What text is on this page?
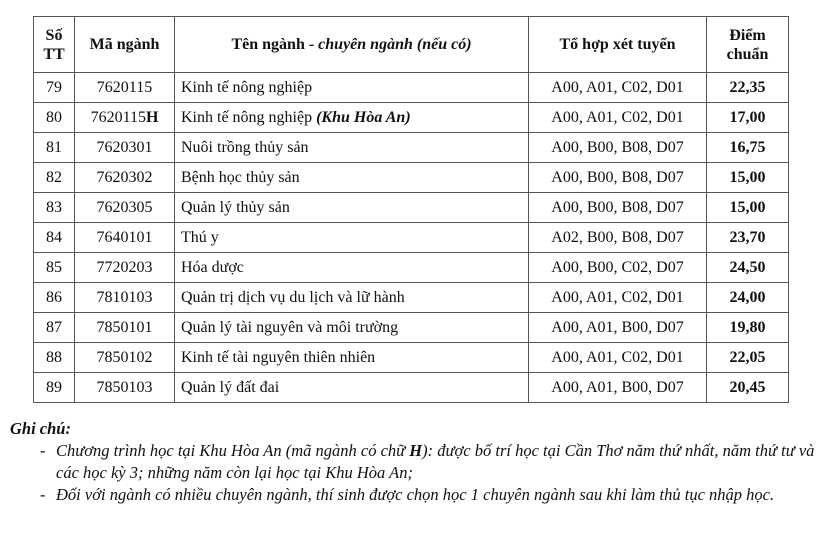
Số
TT	Mã ngành	Tên ngành - chuyên ngành (nếu có)	Tổ hợp xét tuyển	Điểm
chuẩn
79	7620115	Kinh tế nông nghiệp	A00, A01, C02, D01	22,35
80	7620115H	Kinh tế nông nghiệp (Khu Hòa An)	A00, A01, C02, D01	17,00
81	7620301	Nuôi trồng thủy sản	A00, B00, B08, D07	16,75
82	7620302	Bệnh học thủy sản	A00, B00, B08, D07	15,00
83	7620305	Quản lý thủy sản	A00, B00, B08, D07	15,00
84	7640101	Thú y	A02, B00, B08, D07	23,70
85	7720203	Hóa dược	A00, B00, C02, D07	24,50
86	7810103	Quản trị dịch vụ du lịch và lữ hành	A00, A01, C02, D01	24,00
87	7850101	Quản lý tài nguyên và môi trường	A00, A01, B00, D07	19,80
88	7850102	Kinh tế tài nguyên thiên nhiên	A00, A01, C02, D01	22,05
89	7850103	Quản lý đất đai	A00, A01, B00, D07	20,45
Ghi chú:
- Chương trình học tại Khu Hòa An (mã ngành có chữ H): được bố trí học tại Cần Thơ năm thứ nhất, năm thứ tư và các học kỳ 3; những năm còn lại học tại Khu Hòa An;
- Đối với ngành có nhiều chuyên ngành, thí sinh được chọn học 1 chuyên ngành sau khi làm thủ tục nhập học.
